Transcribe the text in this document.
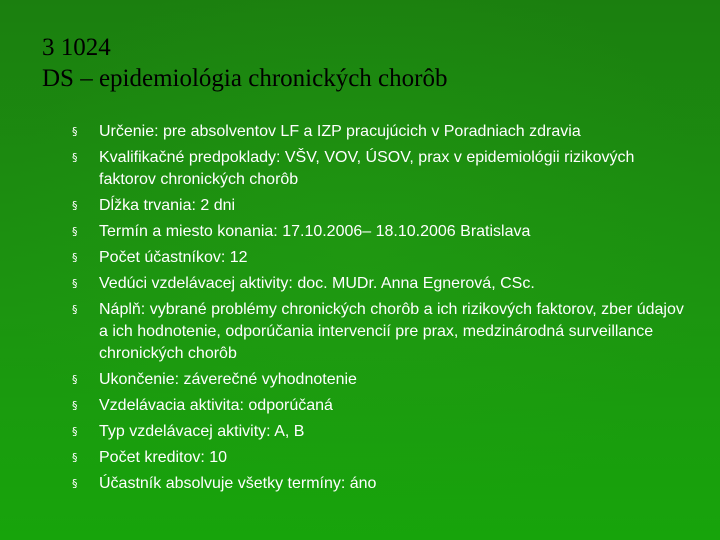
3 1024
DS – epidemiológia chronických chorôb
§ Určenie: pre absolventov LF a IZP pracujúcich v Poradniach zdravia
§ Kvalifikačné predpoklady: VŠV, VOV, ÚSOV, prax v epidemiológii rizikových faktorov chronických chorôb
§ Dĺžka trvania: 2 dni
§ Termín a miesto konania: 17.10.2006– 18.10.2006 Bratislava
§ Počet účastníkov: 12
§ Vedúci vzdelávacej aktivity: doc. MUDr. Anna Egnerová, CSc.
§ Náplň: vybrané problémy chronických chorôb a ich rizikových faktorov, zber údajov a ich hodnotenie, odporúčania intervencií pre prax, medzinárodná surveillance chronických chorôb
§ Ukončenie: záverečné vyhodnotenie
§ Vzdelávacia aktivita: odporúčaná
§ Typ vzdelávacej aktivity: A, B
§ Počet kreditov: 10
§ Účastník absolvuje všetky termíny: áno
